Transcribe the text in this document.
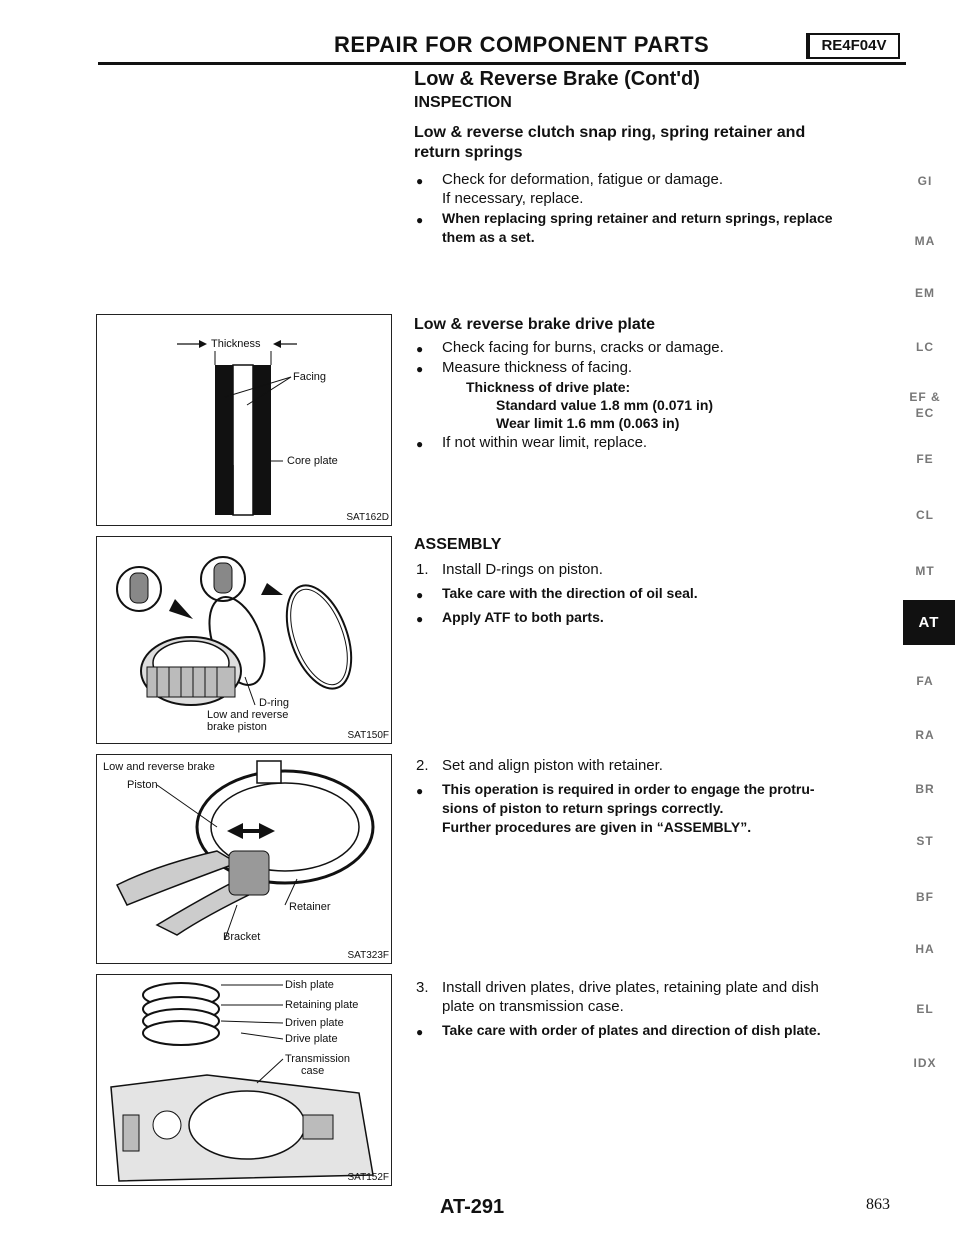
REPAIR FOR COMPONENT PARTS	RE4F04V
Low & Reverse Brake (Cont'd)
INSPECTION
Low & reverse clutch snap ring, spring retainer and
return springs
● Check for deformation, fatigue or damage.
If necessary, replace.
● When replacing spring retainer and return springs, replace
them as a set.
Low & reverse brake drive plate
● Check facing for burns, cracks or damage.
● Measure thickness of facing.
Thickness of drive plate:
Standard value 1.8 mm (0.071 in)
Wear limit 1.6 mm (0.063 in)
● If not within wear limit, replace.
ASSEMBLY
1. Install D-rings on piston.
● Take care with the direction of oil seal.
● Apply ATF to both parts.
2. Set and align piston with retainer.
● This operation is required in order to engage the protru-
sions of piston to return springs correctly.
Further procedures are given in “ASSEMBLY”.
3. Install driven plates, drive plates, retaining plate and dish
plate on transmission case.
● Take care with order of plates and direction of dish plate.
Thickness
Facing
Core plate
SAT162D
D-ring
Low and reverse
brake piston
SAT150F
Low and reverse brake
Piston
Retainer
Bracket
SAT323F
Dish plate
Retaining plate
Driven plate
Drive plate
Transmission
case
SAT152F
GI
MA
EM
LC
EF &
EC
FE
CL
MT
AT
FA
RA
BR
ST
BF
HA
EL
IDX
AT-291	863
